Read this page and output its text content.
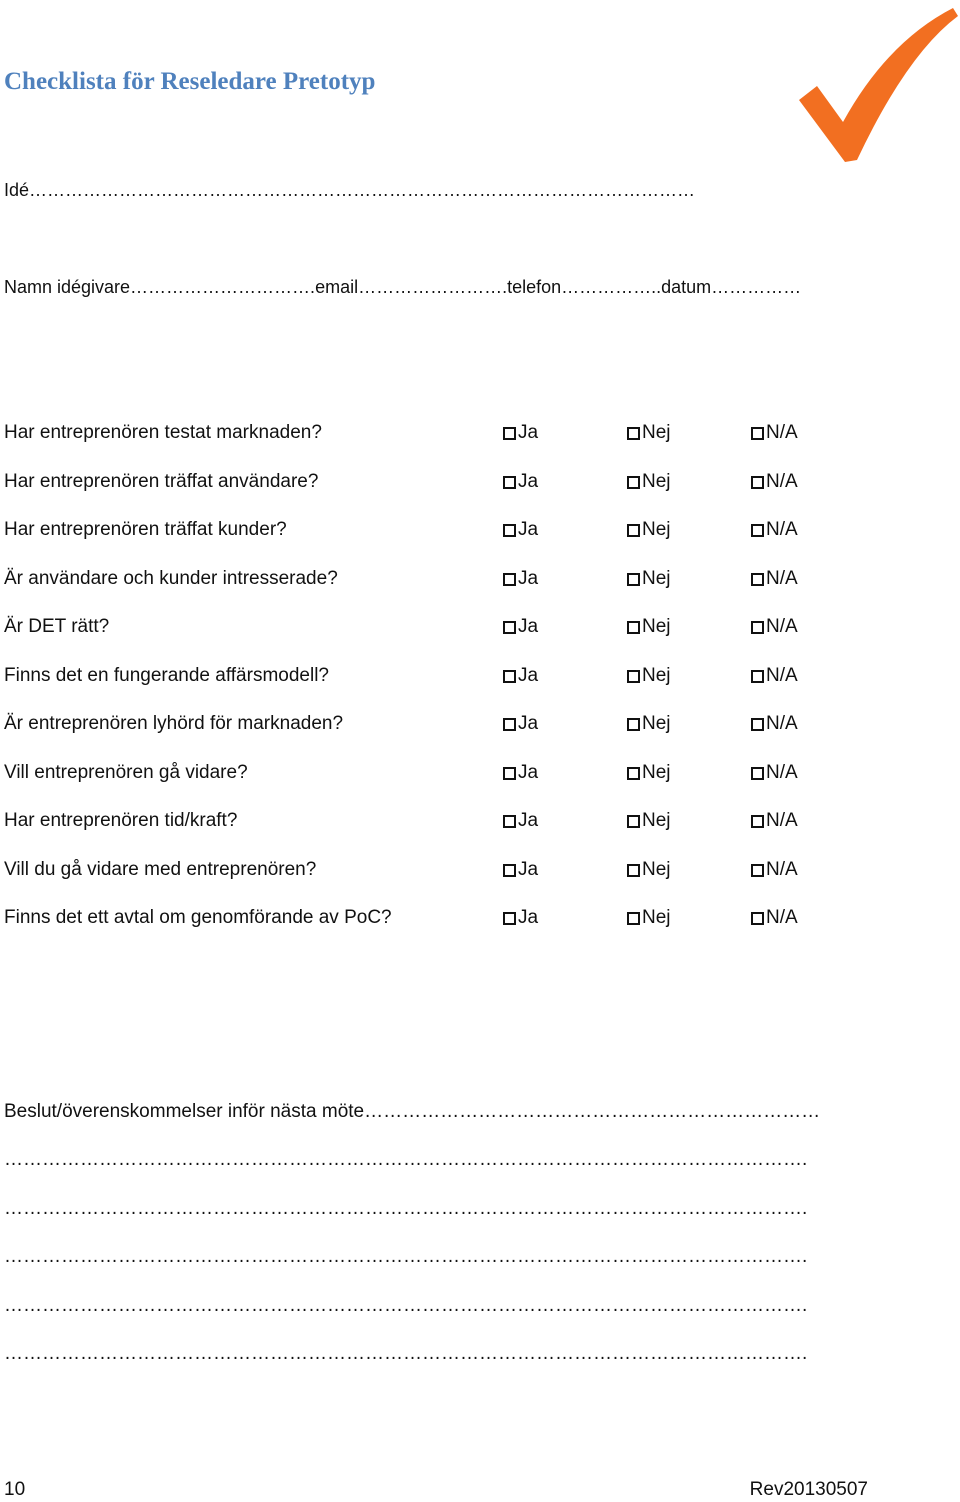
Checklista för Reseledare Pretotyp
Idé…………………………………………………………………………………………………
Namn idégivare………………………….email…………………….telefon……………..datum……………
Har entreprenören testat marknaden?	Ja	Nej	N/A
Har entreprenören träffat användare?	Ja	Nej	N/A
Har entreprenören träffat kunder?	Ja	Nej	N/A
Är användare och kunder intresserade?	Ja	Nej	N/A
Är DET rätt?	Ja	Nej	N/A
Finns det en fungerande affärsmodell?	Ja	Nej	N/A
Är entreprenören lyhörd för marknaden?	Ja	Nej	N/A
Vill entreprenören gå vidare?	Ja	Nej	N/A
Har entreprenören tid/kraft?	Ja	Nej	N/A
Vill du gå vidare med entreprenören?	Ja	Nej	N/A
Finns det ett avtal om genomförande av PoC?	Ja	Nej	N/A
Beslut/överenskommelser inför nästa möte………………………………………………………………
……………………………………………………………………………………………………………….
……………………………………………………………………………………………………………….
……………………………………………………………………………………………………………….
……………………………………………………………………………………………………………….
……………………………………………………………………………………………………………….
10	Rev20130507
